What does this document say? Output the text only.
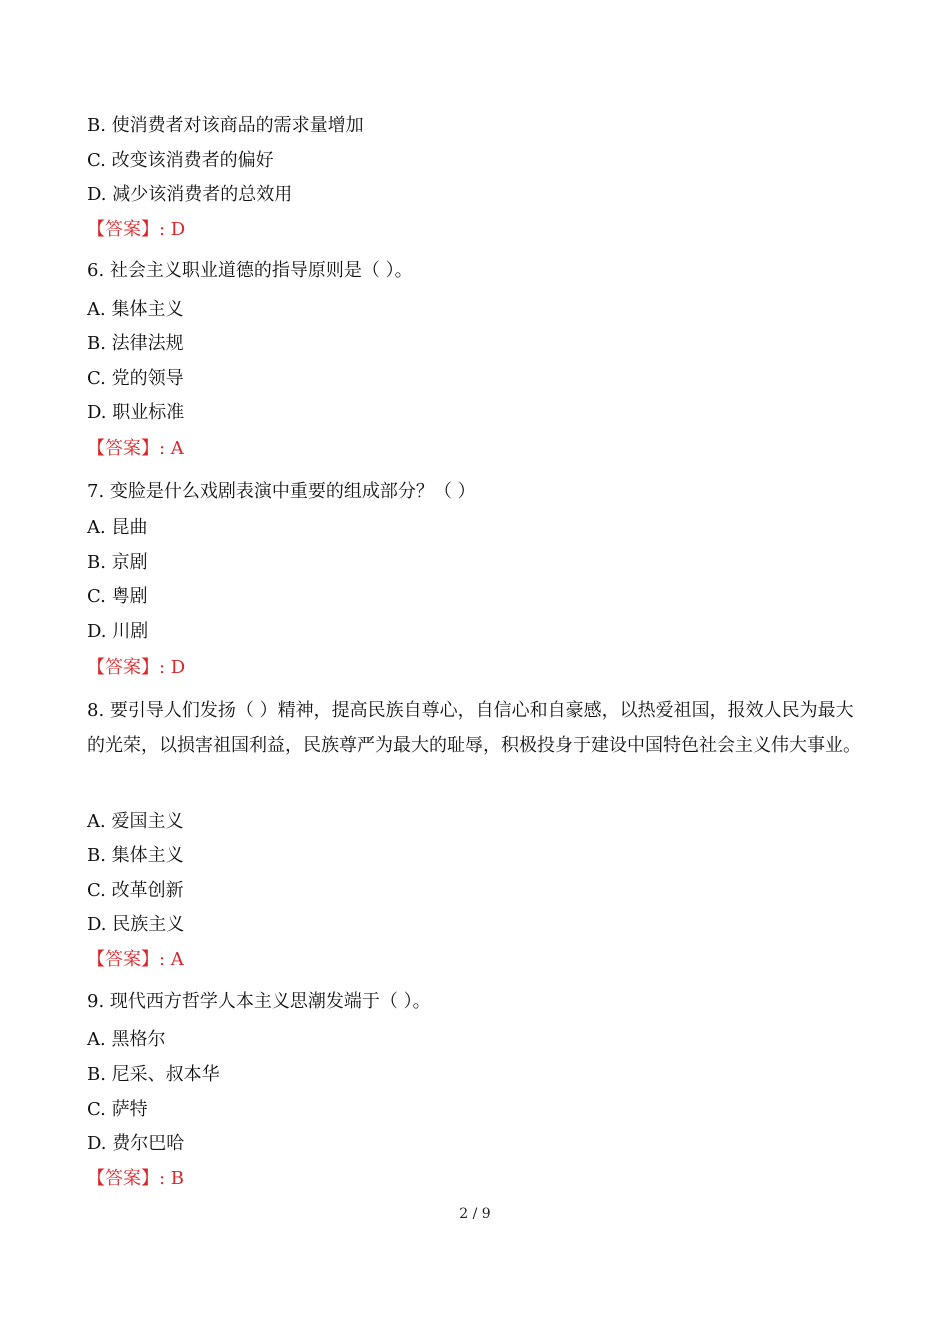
B. 使消费者对该商品的需求量增加
C. 改变该消费者的偏好
D. 减少该消费者的总效用
【答案】: D
6. 社会主义职业道德的指导原则是（ ）。
A. 集体主义
B. 法律法规
C. 党的领导
D. 职业标准
【答案】: A
7. 变脸是什么戏剧表演中重要的组成部分？（ ）
A. 昆曲
B. 京剧
C. 粤剧
D. 川剧
【答案】: D
8. 要引导人们发扬（ ）精神，提高民族自尊心，自信心和自豪感，以热爱祖国，报效人民为最大的光荣，以损害祖国利益，民族尊严为最大的耻辱，积极投身于建设中国特色社会主义伟大事业。
A. 爱国主义
B. 集体主义
C. 改革创新
D. 民族主义
【答案】: A
9. 现代西方哲学人本主义思潮发端于（ ）。
A. 黑格尔
B. 尼采、叔本华
C. 萨特
D. 费尔巴哈
【答案】: B
2 / 9
